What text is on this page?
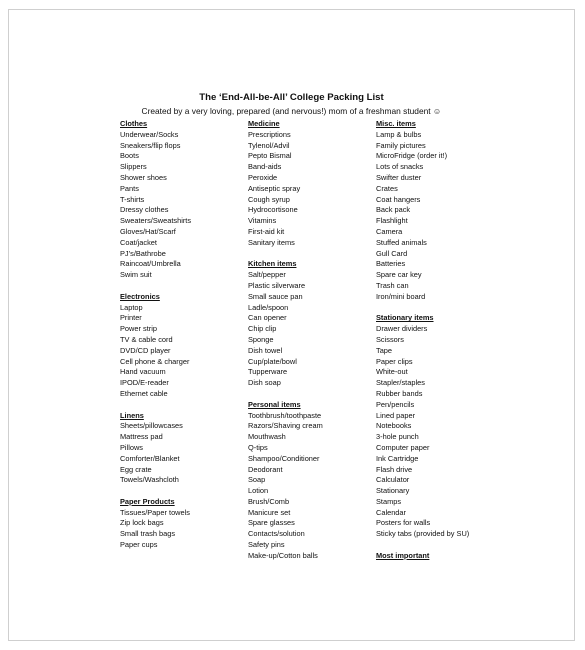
The ‘End-All-be-All’ College Packing List
Created by a very loving, prepared (and nervous!) mom of a freshman student ☺
Clothes
Underwear/Socks
Sneakers/flip flops
Boots
Slippers
Shower shoes
Pants
T-shirts
Dressy clothes
Sweaters/Sweatshirts
Gloves/Hat/Scarf
Coat/jacket
PJ’s/Bathrobe
Raincoat/Umbrella
Swim suit
Electronics
Laptop
Printer
Power strip
TV & cable cord
DVD/CD player
Cell phone & charger
Hand vacuum
IPOD/E-reader
Ethernet cable
Linens
Sheets/pillowcases
Mattress pad
Pillows
Comforter/Blanket
Egg crate
Towels/Washcloth
Paper Products
Tissues/Paper towels
Zip lock bags
Small trash bags
Paper cups
Medicine
Prescriptions
Tylenol/Advil
Pepto Bismal
Band-aids
Peroxide
Antiseptic spray
Cough syrup
Hydrocortisone
Vitamins
First-aid kit
Sanitary items
Kitchen items
Salt/pepper
Plastic silverware
Small sauce pan
Ladle/spoon
Can opener
Chip clip
Sponge
Dish towel
Cup/plate/bowl
Tupperware
Dish soap
Personal items
Toothbrush/toothpaste
Razors/Shaving cream
Mouthwash
Q-tips
Shampoo/Conditioner
Deodorant
Soap
Lotion
Brush/Comb
Manicure set
Spare glasses
Contacts/solution
Safety pins
Make-up/Cotton balls
Misc. items
Lamp & bulbs
Family pictures
MicroFridge (order it!)
Lots of snacks
Swifter duster
Crates
Coat hangers
Back pack
Flashlight
Camera
Stuffed animals
Gull Card
Batteries
Spare car key
Trash can
Iron/mini board
Stationary items
Drawer dividers
Scissors
Tape
Paper clips
White-out
Stapler/staples
Rubber bands
Pen/pencils
Lined paper
Notebooks
3-hole punch
Computer paper
Ink Cartridge
Flash drive
Calculator
Stationary
Stamps
Calendar
Posters for walls
Sticky tabs (provided by SU)
Most important
